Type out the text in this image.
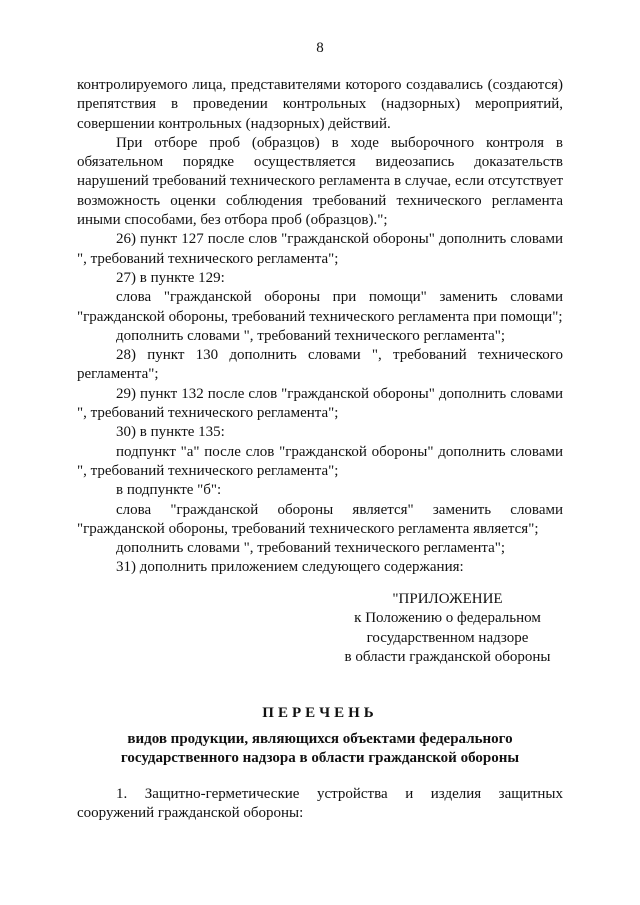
8

контролируемого лица, представителями которого создавались (создаются) препятствия в проведении контрольных (надзорных) мероприятий, совершении контрольных (надзорных) действий.

При отборе проб (образцов) в ходе выборочного контроля в обязательном порядке осуществляется видеозапись доказательств нарушений требований технического регламента в случае, если отсутствует возможность оценки соблюдения требований технического регламента иными способами, без отбора проб (образцов).";

26) пункт 127 после слов "гражданской обороны" дополнить словами ", требований технического регламента";

27) в пункте 129:

слова "гражданской обороны при помощи" заменить словами "гражданской обороны, требований технического регламента при помощи";

дополнить словами ", требований технического регламента";

28) пункт 130 дополнить словами ", требований технического регламента";

29) пункт 132 после слов "гражданской обороны" дополнить словами ", требований технического регламента";

30) в пункте 135:

подпункт "а" после слов "гражданской обороны" дополнить словами ", требований технического регламента";

в подпункте "б":

слова "гражданской обороны является" заменить словами "гражданской обороны, требований технического регламента является";

дополнить словами ", требований технического регламента";

31) дополнить приложением следующего содержания:

"ПРИЛОЖЕНИЕ
к Положению о федеральном
государственном надзоре
в области гражданской обороны
ПЕРЕЧЕНЬ
видов продукции, являющихся объектами федерального
государственного надзора в области гражданской обороны

1. Защитно-герметические устройства и изделия защитных сооружений гражданской обороны:
